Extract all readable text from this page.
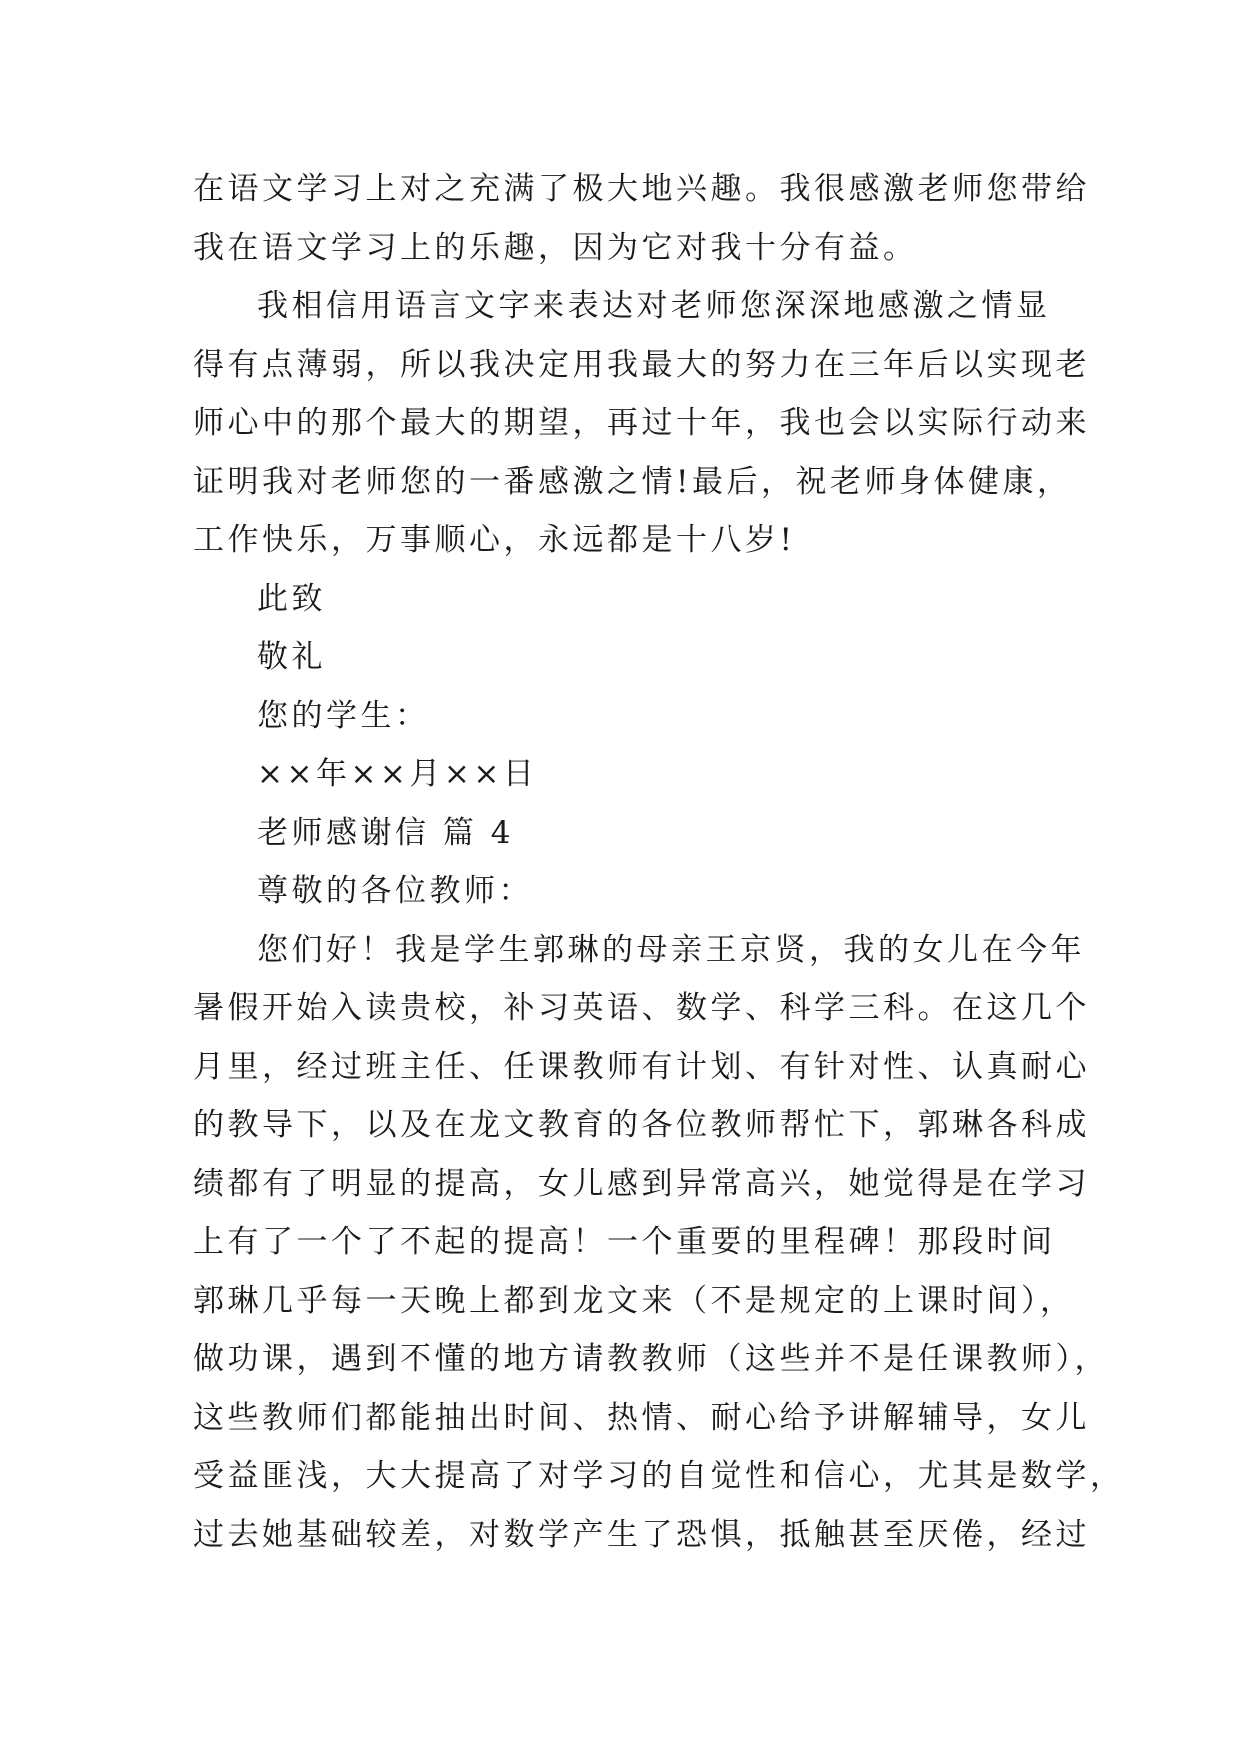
在语文学习上对之充满了极大地兴趣。我很感激老师您带给
我在语文学习上的乐趣，因为它对我十分有益。
我相信用语言文字来表达对老师您深深地感激之情显
得有点薄弱，所以我决定用我最大的努力在三年后以实现老
师心中的那个最大的期望，再过十年，我也会以实际行动来
证明我对老师您的一番感激之情!最后，祝老师身体健康，
工作快乐，万事顺心，永远都是十八岁!
此致
敬礼
您的学生：
××年××月××日
老师感谢信 篇 4
尊敬的各位教师：
您们好！我是学生郭琳的母亲王京贤，我的女儿在今年
暑假开始入读贵校，补习英语、数学、科学三科。在这几个
月里，经过班主任、任课教师有计划、有针对性、认真耐心
的教导下，以及在龙文教育的各位教师帮忙下，郭琳各科成
绩都有了明显的提高，女儿感到异常高兴，她觉得是在学习
上有了一个了不起的提高！一个重要的里程碑！那段时间
郭琳几乎每一天晚上都到龙文来（不是规定的上课时间），
做功课，遇到不懂的地方请教教师（这些并不是任课教师），
这些教师们都能抽出时间、热情、耐心给予讲解辅导，女儿
受益匪浅，大大提高了对学习的自觉性和信心，尤其是数学，
过去她基础较差，对数学产生了恐惧，抵触甚至厌倦，经过
